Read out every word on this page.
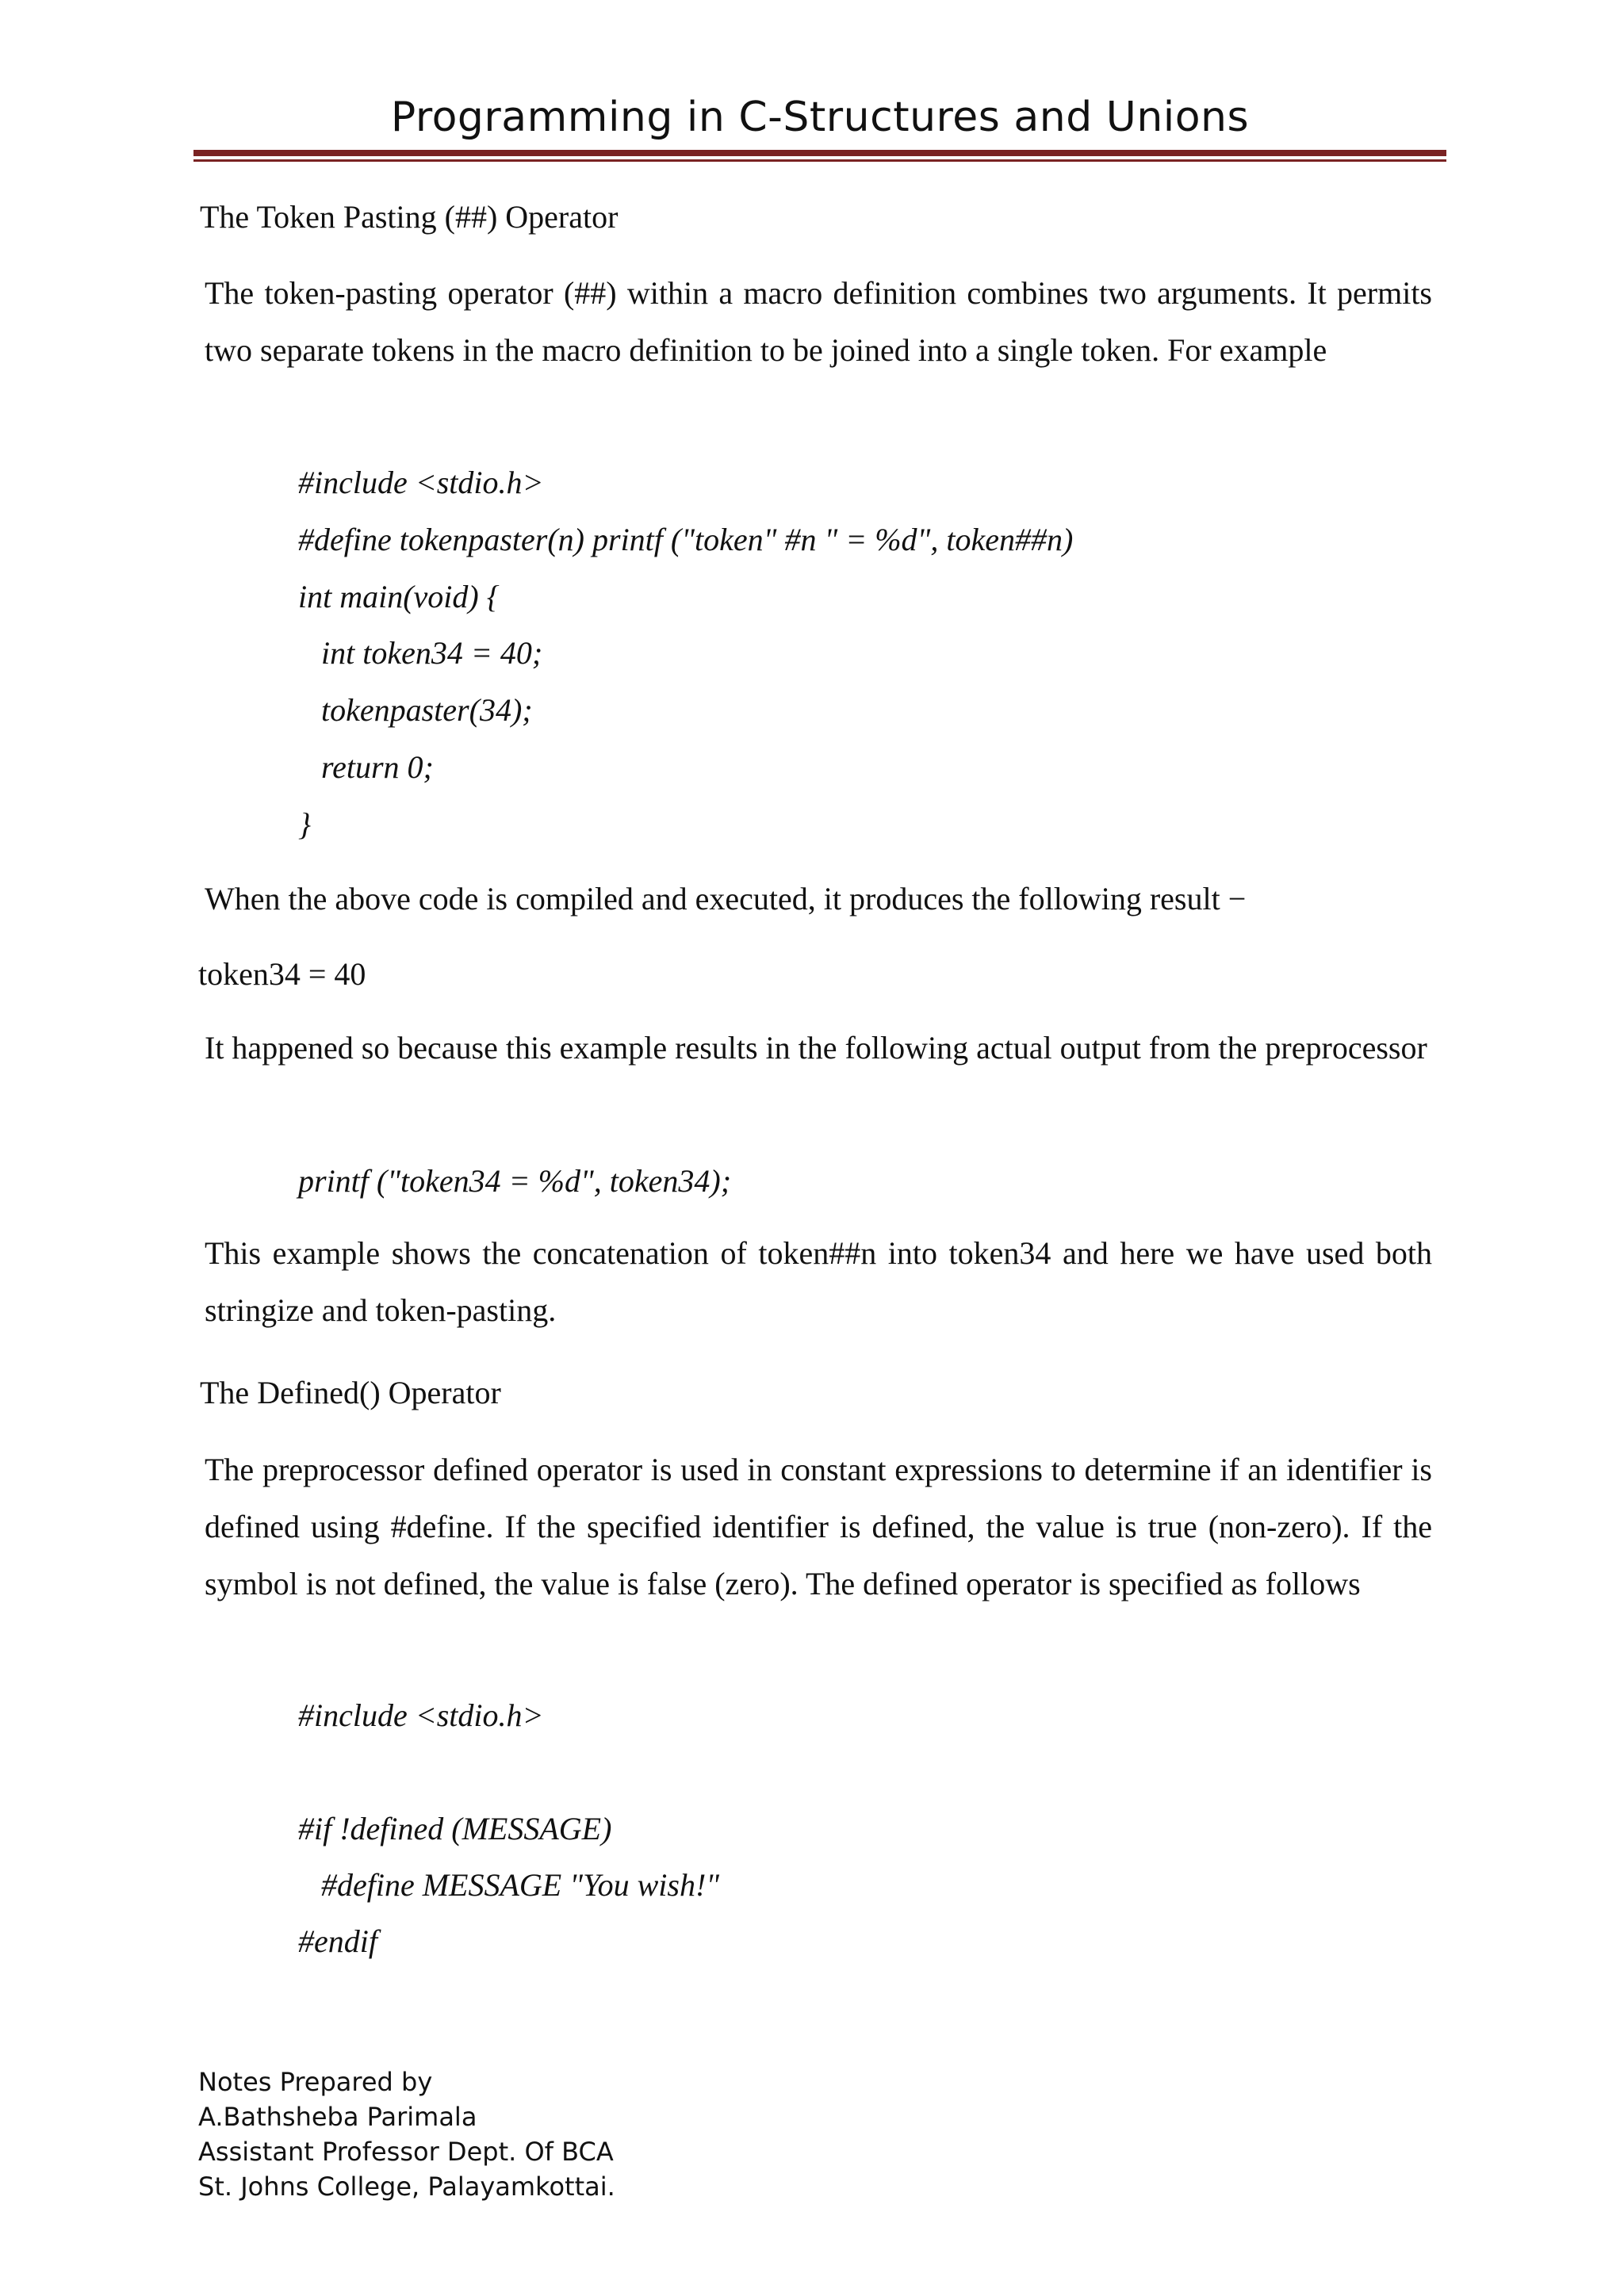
Programming in C-Structures and Unions
The Token Pasting (##) Operator

The token-pasting operator (##) within a macro definition combines two arguments. It permits two separate tokens in the macro definition to be joined into a single token. For example

#include <stdio.h>
#define tokenpaster(n) printf ("token" #n " = %d", token##n)
int main(void) {
int token34 = 40;
tokenpaster(34);
return 0;
}
When the above code is compiled and executed, it produces the following result −
token34 = 40

It happened so because this example results in the following actual output from the preprocessor

printf ("token34 = %d", token34);

This example shows the concatenation of token##n into token34 and here we have used both stringize and token-pasting.

The Defined() Operator

The preprocessor defined operator is used in constant expressions to determine if an identifier is defined using #define. If the specified identifier is defined, the value is true (non-zero). If the symbol is not defined, the value is false (zero). The defined operator is specified as follows

#include <stdio.h>
#if !defined (MESSAGE)
#define MESSAGE "You wish!"
#endif
Notes Prepared by
A.Bathsheba Parimala
Assistant Professor Dept. Of BCA
St. Johns College, Palayamkottai.
